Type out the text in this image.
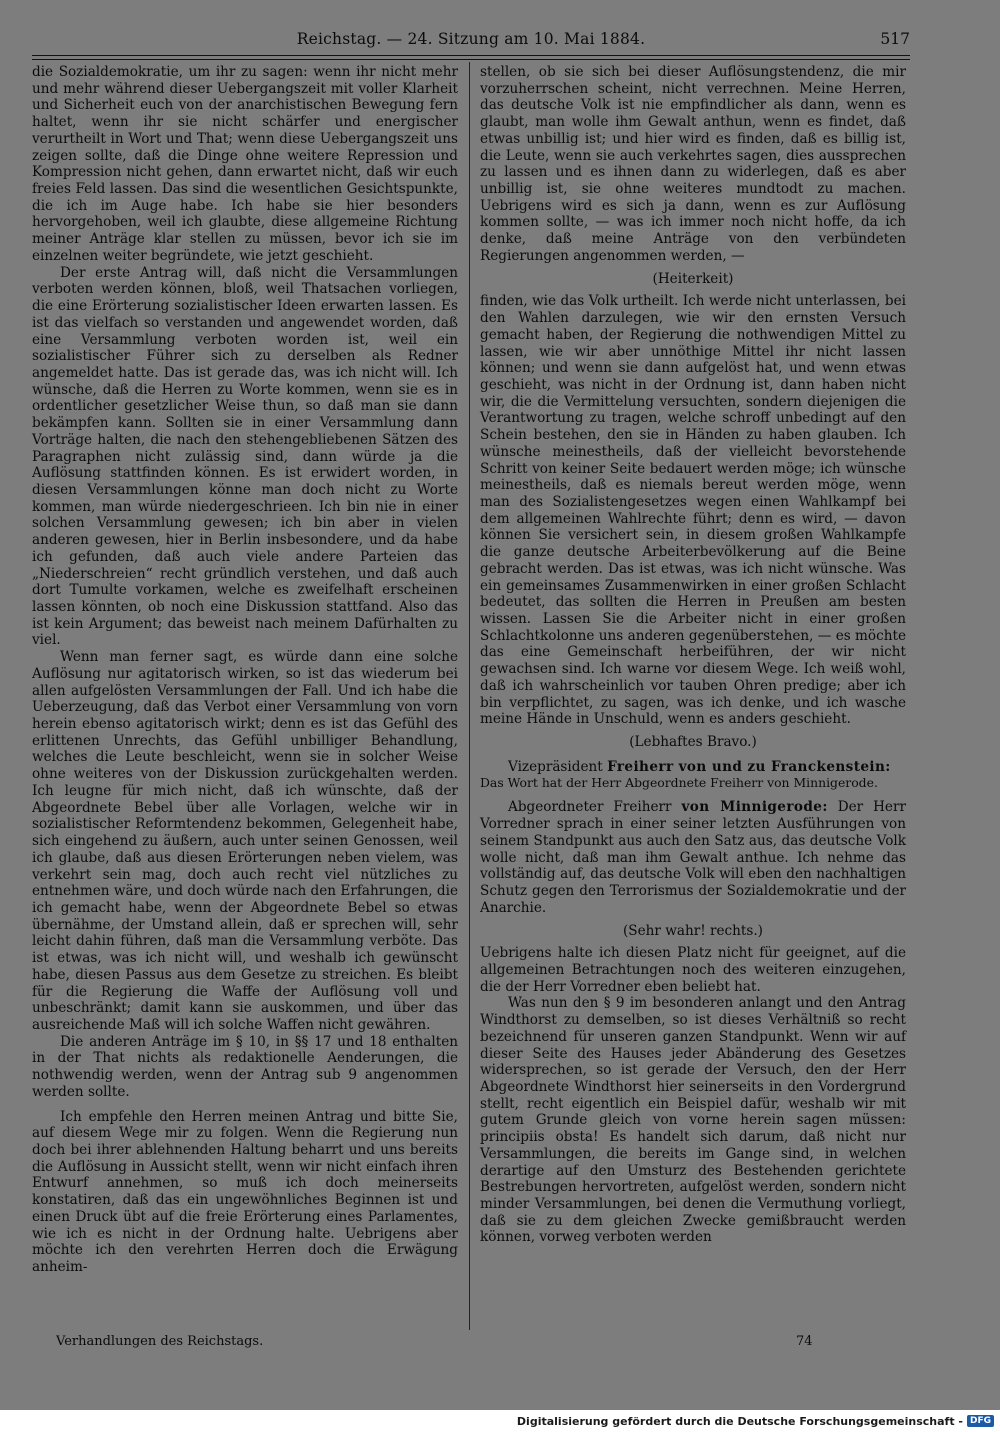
Reichstag. — 24. Sitzung am 10. Mai 1884.	517

die Sozialdemokratie, um ihr zu sagen: wenn ihr nicht mehr und mehr während dieser Uebergangszeit mit voller Klarheit und Sicherheit euch von der anarchistischen Bewegung fern haltet, wenn ihr sie nicht schärfer und energischer verurtheilt in Wort und That; wenn diese Uebergangszeit uns zeigen sollte, daß die Dinge ohne weitere Repression und Kompression nicht gehen, dann erwartet nicht, daß wir euch freies Feld lassen. Das sind die wesentlichen Gesichtspunkte, die ich im Auge habe. Ich habe sie hier besonders hervorgehoben, weil ich glaubte, diese allgemeine Richtung meiner Anträge klar stellen zu müssen, bevor ich sie im einzelnen weiter begründete, wie jetzt geschieht.

Der erste Antrag will, daß nicht die Versammlungen verboten werden können, bloß, weil Thatsachen vorliegen, die eine Erörterung sozialistischer Ideen erwarten lassen. Es ist das vielfach so verstanden und angewendet worden, daß eine Versammlung verboten worden ist, weil ein sozialistischer Führer sich zu derselben als Redner angemeldet hatte. Das ist gerade das, was ich nicht will. Ich wünsche, daß die Herren zu Worte kommen, wenn sie es in ordentlicher gesetzlicher Weise thun, so daß man sie dann bekämpfen kann. Sollten sie in einer Versammlung dann Vorträge halten, die nach den stehengebliebenen Sätzen des Paragraphen nicht zulässig sind, dann würde ja die Auflösung stattfinden können. Es ist erwidert worden, in diesen Versammlungen könne man doch nicht zu Worte kommen, man würde niedergeschrieen. Ich bin nie in einer solchen Versammlung gewesen; ich bin aber in vielen anderen gewesen, hier in Berlin insbesondere, und da habe ich gefunden, daß auch viele andere Parteien das „Niederschreien“ recht gründlich verstehen, und daß auch dort Tumulte vorkamen, welche es zweifelhaft erscheinen lassen könnten, ob noch eine Diskussion stattfand. Also das ist kein Argument; das beweist nach meinem Dafürhalten zu viel.

Wenn man ferner sagt, es würde dann eine solche Auflösung nur agitatorisch wirken, so ist das wiederum bei allen aufgelösten Versammlungen der Fall. Und ich habe die Ueberzeugung, daß das Verbot einer Versammlung von vorn herein ebenso agitatorisch wirkt; denn es ist das Gefühl des erlittenen Unrechts, das Gefühl unbilliger Behandlung, welches die Leute beschleicht, wenn sie in solcher Weise ohne weiteres von der Diskussion zurückgehalten werden. Ich leugne für mich nicht, daß ich wünschte, daß der Abgeordnete Bebel über alle Vorlagen, welche wir in sozialistischer Reformtendenz bekommen, Gelegenheit habe, sich eingehend zu äußern, auch unter seinen Genossen, weil ich glaube, daß aus diesen Erörterungen neben vielem, was verkehrt sein mag, doch auch recht viel nützliches zu entnehmen wäre, und doch würde nach den Erfahrungen, die ich gemacht habe, wenn der Abgeordnete Bebel so etwas übernähme, der Umstand allein, daß er sprechen will, sehr leicht dahin führen, daß man die Versammlung verböte. Das ist etwas, was ich nicht will, und weshalb ich gewünscht habe, diesen Passus aus dem Gesetze zu streichen. Es bleibt für die Regierung die Waffe der Auflösung voll und unbeschränkt; damit kann sie auskommen, und über das ausreichende Maß will ich solche Waffen nicht gewähren.

Die anderen Anträge im § 10, in §§ 17 und 18 enthalten in der That nichts als redaktionelle Aenderungen, die nothwendig werden, wenn der Antrag sub 9 angenommen werden sollte.

Ich empfehle den Herren meinen Antrag und bitte Sie, auf diesem Wege mir zu folgen. Wenn die Regierung nun doch bei ihrer ablehnenden Haltung beharrt und uns bereits die Auflösung in Aussicht stellt, wenn wir nicht einfach ihren Entwurf annehmen, so muß ich doch meinerseits konstatiren, daß das ein ungewöhnliches Beginnen ist und einen Druck übt auf die freie Erörterung eines Parlamentes, wie ich es nicht in der Ordnung halte. Uebrigens aber möchte ich den verehrten Herren doch die Erwägung anheim-

stellen, ob sie sich bei dieser Auflösungstendenz, die mir vorzuherrschen scheint, nicht verrechnen. Meine Herren, das deutsche Volk ist nie empfindlicher als dann, wenn es glaubt, man wolle ihm Gewalt anthun, wenn es findet, daß etwas unbillig ist; und hier wird es finden, daß es billig ist, die Leute, wenn sie auch verkehrtes sagen, dies aussprechen zu lassen und es ihnen dann zu widerlegen, daß es aber unbillig ist, sie ohne weiteres mundtodt zu machen. Uebrigens wird es sich ja dann, wenn es zur Auflösung kommen sollte, — was ich immer noch nicht hoffe, da ich denke, daß meine Anträge von den verbündeten Regierungen angenommen werden, —

(Heiterkeit)

finden, wie das Volk urtheilt. Ich werde nicht unterlassen, bei den Wahlen darzulegen, wie wir den ernsten Versuch gemacht haben, der Regierung die nothwendigen Mittel zu lassen, wie wir aber unnöthige Mittel ihr nicht lassen können; und wenn sie dann aufgelöst hat, und wenn etwas geschieht, was nicht in der Ordnung ist, dann haben nicht wir, die die Vermittelung versuchten, sondern diejenigen die Verantwortung zu tragen, welche schroff unbedingt auf den Schein bestehen, den sie in Händen zu haben glauben. Ich wünsche meinestheils, daß der vielleicht bevorstehende Schritt von keiner Seite bedauert werden möge; ich wünsche meinestheils, daß es niemals bereut werden möge, wenn man des Sozialistengesetzes wegen einen Wahlkampf bei dem allgemeinen Wahlrechte führt; denn es wird, — davon können Sie versichert sein, in diesem großen Wahlkampfe die ganze deutsche Arbeiterbevölkerung auf die Beine gebracht werden. Das ist etwas, was ich nicht wünsche. Was ein gemeinsames Zusammenwirken in einer großen Schlacht bedeutet, das sollten die Herren in Preußen am besten wissen. Lassen Sie die Arbeiter nicht in einer großen Schlachtkolonne uns anderen gegenüberstehen, — es möchte das eine Gemeinschaft herbeiführen, der wir nicht gewachsen sind. Ich warne vor diesem Wege. Ich weiß wohl, daß ich wahrscheinlich vor tauben Ohren predige; aber ich bin verpflichtet, zu sagen, was ich denke, und ich wasche meine Hände in Unschuld, wenn es anders geschieht.

(Lebhaftes Bravo.)

Vizepräsident Freiherr von und zu Franckenstein:

Das Wort hat der Herr Abgeordnete Freiherr von Minnigerode.

Abgeordneter Freiherr von Minnigerode: Der Herr Vorredner sprach in einer seiner letzten Ausführungen von seinem Standpunkt aus auch den Satz aus, das deutsche Volk wolle nicht, daß man ihm Gewalt anthue. Ich nehme das vollständig auf, das deutsche Volk will eben den nachhaltigen Schutz gegen den Terrorismus der Sozialdemokratie und der Anarchie.

(Sehr wahr! rechts.)

Uebrigens halte ich diesen Platz nicht für geeignet, auf die allgemeinen Betrachtungen noch des weiteren einzugehen, die der Herr Vorredner eben beliebt hat.

Was nun den § 9 im besonderen anlangt und den Antrag Windthorst zu demselben, so ist dieses Verhältniß so recht bezeichnend für unseren ganzen Standpunkt. Wenn wir auf dieser Seite des Hauses jeder Abänderung des Gesetzes widersprechen, so ist gerade der Versuch, den der Herr Abgeordnete Windthorst hier seinerseits in den Vordergrund stellt, recht eigentlich ein Beispiel dafür, weshalb wir mit gutem Grunde gleich von vorne herein sagen müssen: principiis obsta! Es handelt sich darum, daß nicht nur Versammlungen, die bereits im Gange sind, in welchen derartige auf den Umsturz des Bestehenden gerichtete Bestrebungen hervortreten, aufgelöst werden, sondern nicht minder Versammlungen, bei denen die Vermuthung vorliegt, daß sie zu dem gleichen Zwecke gemißbraucht werden können, vorweg verboten werden

Verhandlungen des Reichstags.	74
Digitalisierung gefördert durch die Deutsche Forschungsgemeinschaft - DFG
